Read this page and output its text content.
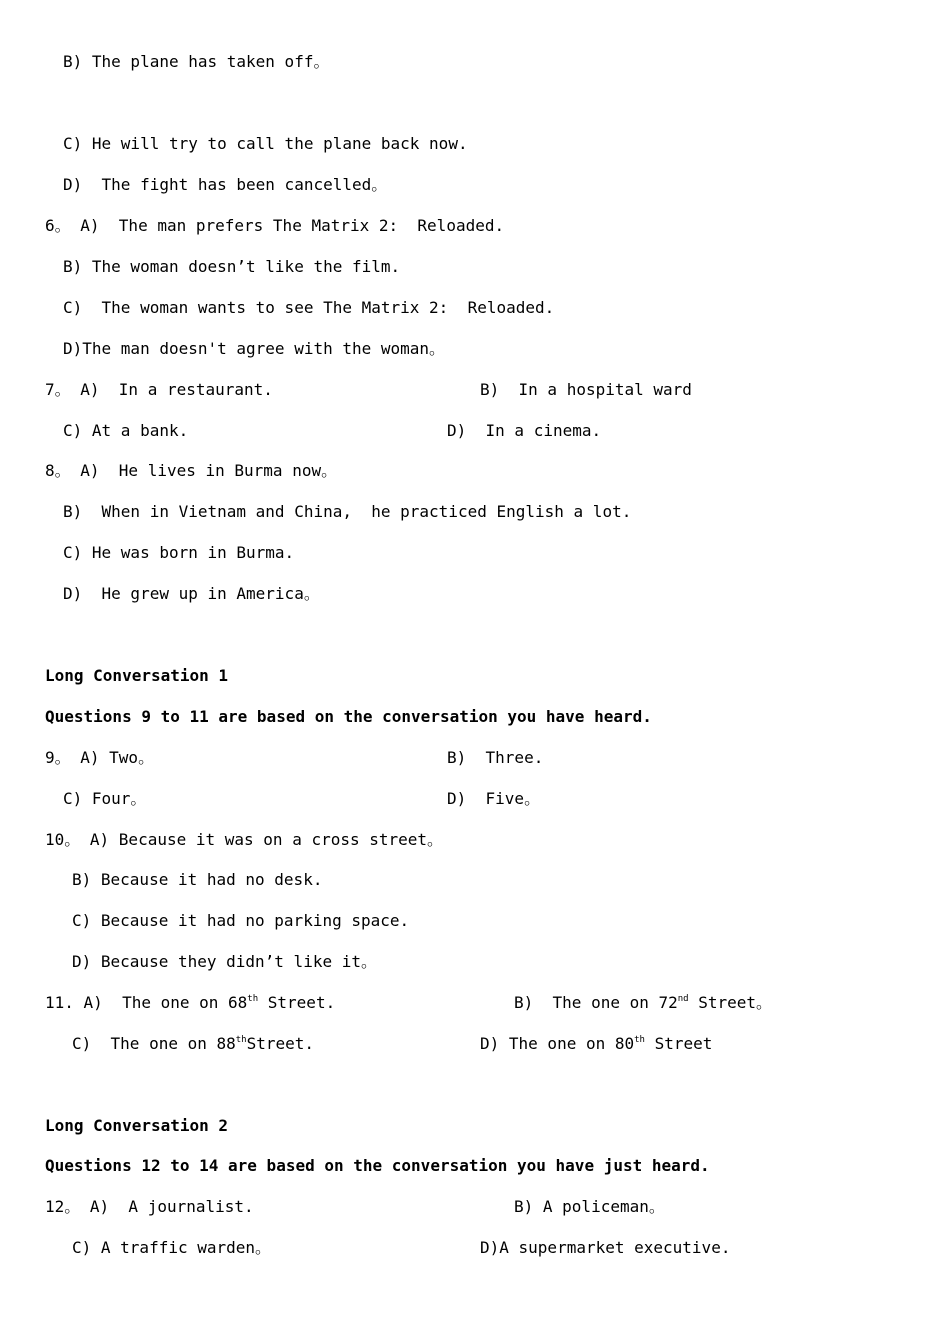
B) The plane has taken off。
C) He will try to call the plane back now.
D)  The fight has been cancelled。
6。 A)  The man prefers The Matrix 2:  Reloaded.
B) The woman doesn’t like the film.
C)  The woman wants to see The Matrix 2:  Reloaded.
D)The man doesn't agree with the woman。
7。 A)  In a restaurant.	B)  In a hospital ward
C) At a bank.	D)  In a cinema.
8。 A)  He lives in Burma now。
B)  When in Vietnam and China,  he practiced English a lot.
C) He was born in Burma.
D)  He grew up in America。
Long Conversation 1
Questions 9 to 11 are based on the conversation you have heard.
9。 A) Two。	B)  Three.
C) Four。	D)  Five。
10。 A) Because it was on a cross street。
B) Because it had no desk.
C) Because it had no parking space.
D) Because they didn’t like it。
11. A)  The one on 68th Street.	B)  The one on 72nd Street。
C)  The one on 88thStreet.	D) The one on 80th Street
Long Conversation 2
Questions 12 to 14 are based on the conversation you have just heard.
12。 A)  A journalist.	B) A policeman。
C) A traffic warden。	D)A supermarket executive.
